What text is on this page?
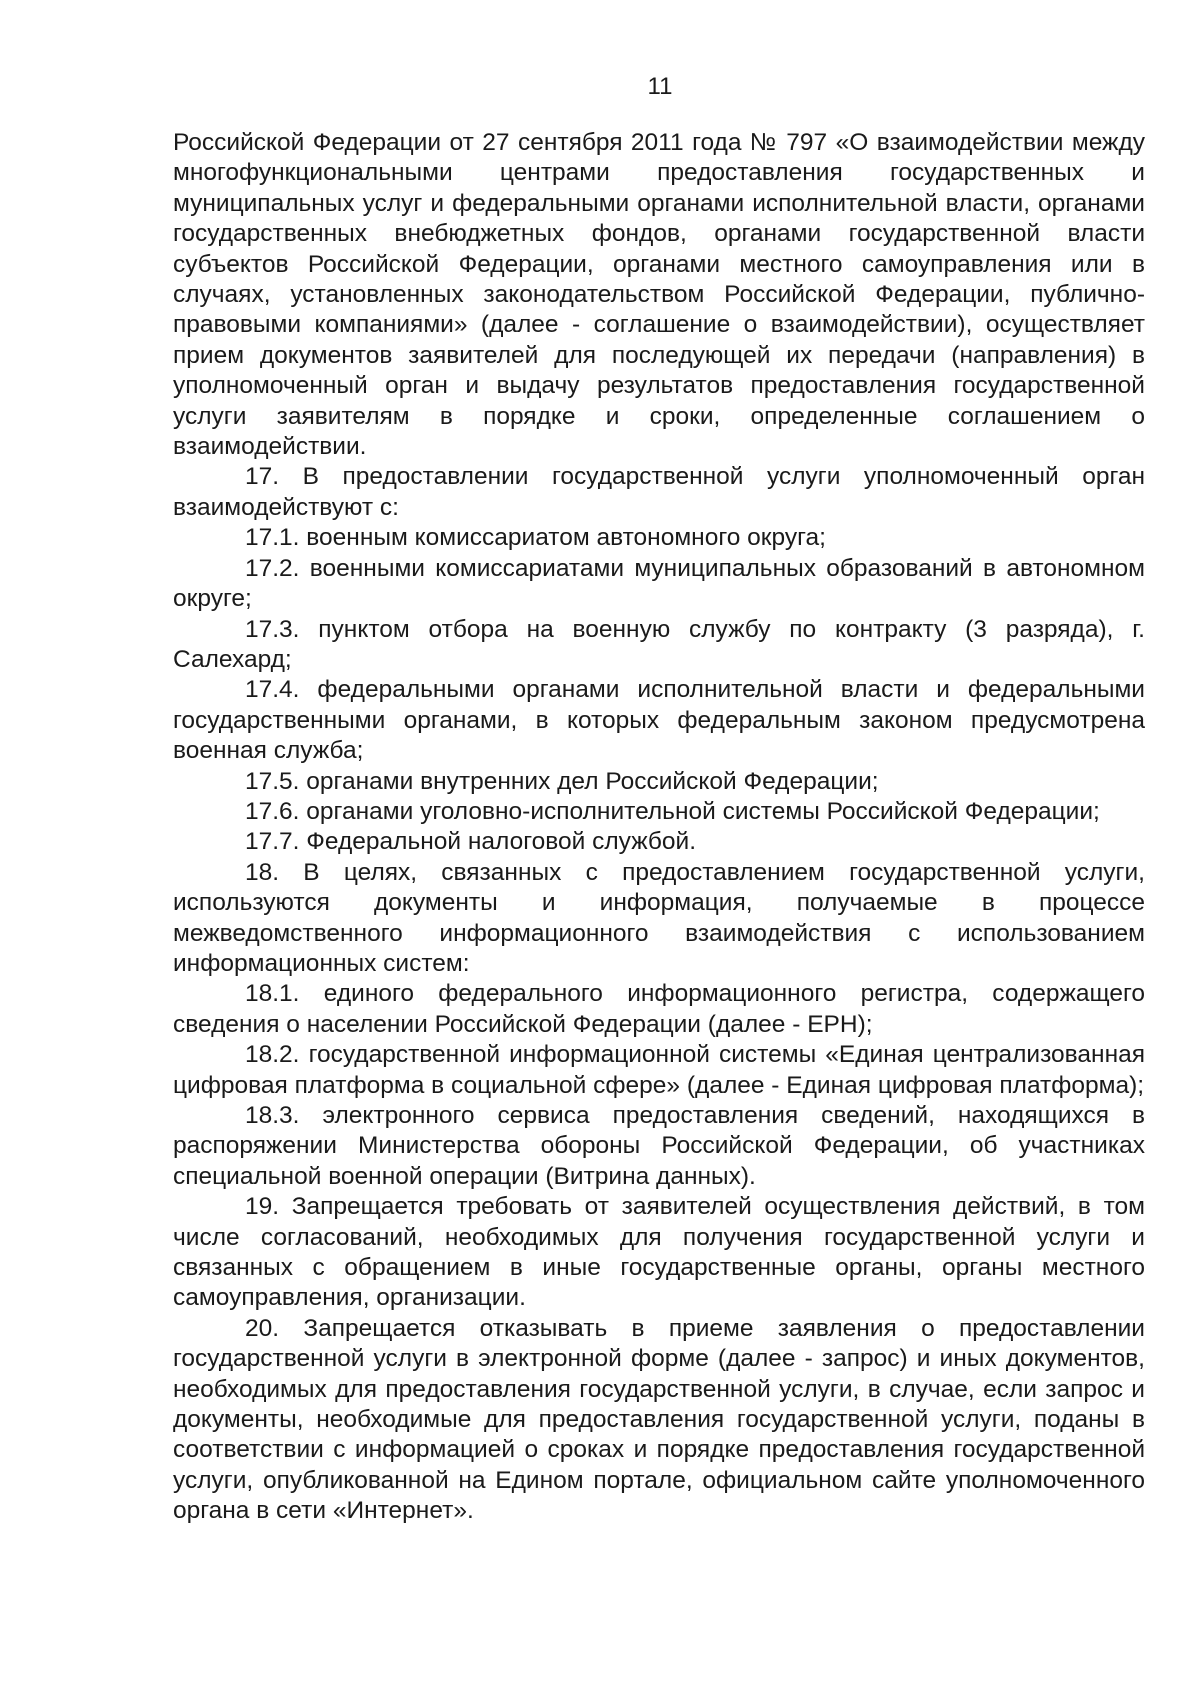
11

Российской Федерации от 27 сентября 2011 года № 797 «О взаимодействии между многофункциональными центрами предоставления государственных и муниципальных услуг и федеральными органами исполнительной власти, органами государственных внебюджетных фондов, органами государственной власти субъектов Российской Федерации, органами местного самоуправления или в случаях, установленных законодательством Российской Федерации, публично-правовыми компаниями» (далее - соглашение о взаимодействии), осуществляет прием документов заявителей для последующей их передачи (направления) в уполномоченный орган и выдачу результатов предоставления государственной услуги заявителям в порядке и сроки, определенные соглашением о взаимодействии.

17. В предоставлении государственной услуги уполномоченный орган взаимодействуют с:

17.1. военным комиссариатом автономного округа;

17.2. военными комиссариатами муниципальных образований в автономном округе;

17.3. пунктом отбора на военную службу по контракту (3 разряда), г. Салехард;

17.4. федеральными органами исполнительной власти и федеральными государственными органами, в которых федеральным законом предусмотрена военная служба;

17.5. органами внутренних дел Российской Федерации;

17.6. органами уголовно-исполнительной системы Российской Федерации;

17.7. Федеральной налоговой службой.

18. В целях, связанных с предоставлением государственной услуги, используются документы и информация, получаемые в процессе межведомственного информационного взаимодействия с использованием информационных систем:

18.1. единого федерального информационного регистра, содержащего сведения о населении Российской Федерации (далее - ЕРН);

18.2. государственной информационной системы «Единая централизованная цифровая платформа в социальной сфере» (далее - Единая цифровая платформа);

18.3. электронного сервиса предоставления сведений, находящихся в распоряжении Министерства обороны Российской Федерации, об участниках специальной военной операции (Витрина данных).

19. Запрещается требовать от заявителей осуществления действий, в том числе согласований, необходимых для получения государственной услуги и связанных с обращением в иные государственные органы, органы местного самоуправления, организации.

20. Запрещается отказывать в приеме заявления о предоставлении государственной услуги в электронной форме (далее - запрос) и иных документов, необходимых для предоставления государственной услуги, в случае, если запрос и документы, необходимые для предоставления государственной услуги, поданы в соответствии с информацией о сроках и порядке предоставления государственной услуги, опубликованной на Едином портале, официальном сайте уполномоченного органа в сети «Интернет».
